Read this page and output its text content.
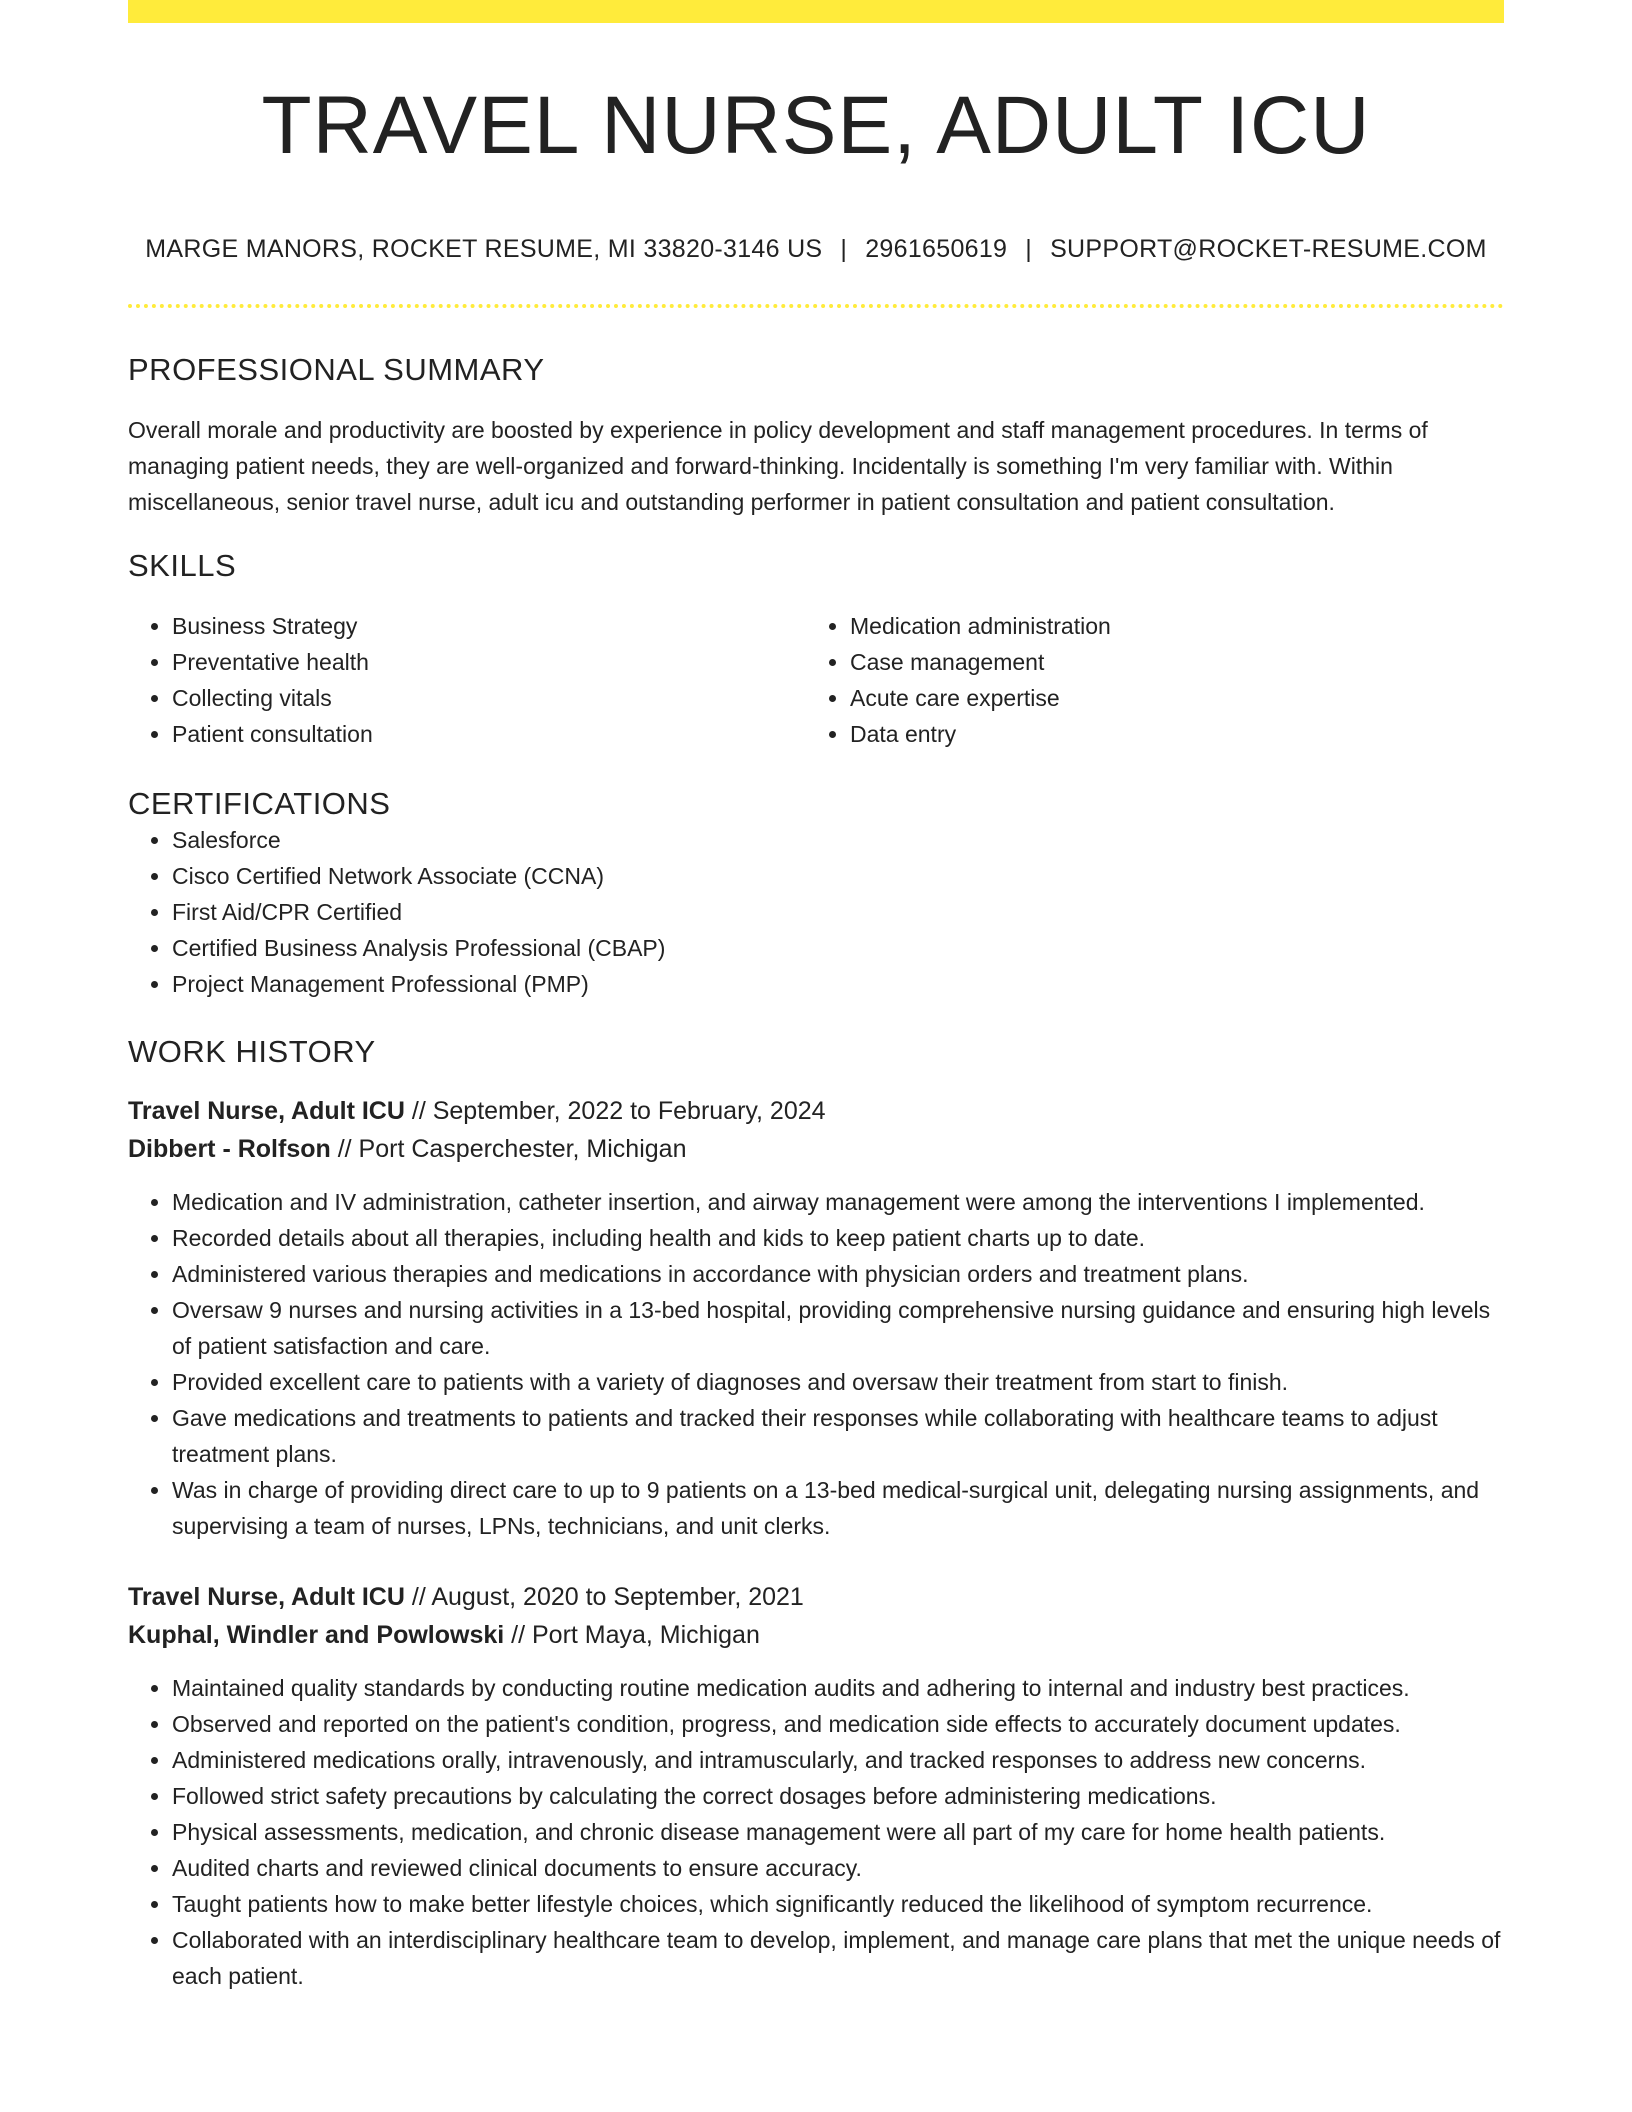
TRAVEL NURSE, ADULT ICU
MARGE MANORS, ROCKET RESUME, MI 33820-3146 US | 2961650619 | SUPPORT@ROCKET-RESUME.COM
PROFESSIONAL SUMMARY

Overall morale and productivity are boosted by experience in policy development and staff management procedures. In terms of managing patient needs, they are well-organized and forward-thinking. Incidentally is something I'm very familiar with. Within miscellaneous, senior travel nurse, adult icu and outstanding performer in patient consultation and patient consultation.

SKILLS
• Business Strategy
• Preventative health
• Collecting vitals
• Patient consultation
• Medication administration
• Case management
• Acute care expertise
• Data entry
CERTIFICATIONS
• Salesforce
• Cisco Certified Network Associate (CCNA)
• First Aid/CPR Certified
• Certified Business Analysis Professional (CBAP)
• Project Management Professional (PMP)
WORK HISTORY
Travel Nurse, Adult ICU // September, 2022 to February, 2024
Dibbert - Rolfson // Port Casperchester, Michigan
• Medication and IV administration, catheter insertion, and airway management were among the interventions I implemented.
• Recorded details about all therapies, including health and kids to keep patient charts up to date.
• Administered various therapies and medications in accordance with physician orders and treatment plans.
• Oversaw 9 nurses and nursing activities in a 13-bed hospital, providing comprehensive nursing guidance and ensuring high levels of patient satisfaction and care.
• Provided excellent care to patients with a variety of diagnoses and oversaw their treatment from start to finish.
• Gave medications and treatments to patients and tracked their responses while collaborating with healthcare teams to adjust treatment plans.
• Was in charge of providing direct care to up to 9 patients on a 13-bed medical-surgical unit, delegating nursing assignments, and supervising a team of nurses, LPNs, technicians, and unit clerks.
Travel Nurse, Adult ICU // August, 2020 to September, 2021
Kuphal, Windler and Powlowski // Port Maya, Michigan
• Maintained quality standards by conducting routine medication audits and adhering to internal and industry best practices.
• Observed and reported on the patient's condition, progress, and medication side effects to accurately document updates.
• Administered medications orally, intravenously, and intramuscularly, and tracked responses to address new concerns.
• Followed strict safety precautions by calculating the correct dosages before administering medications.
• Physical assessments, medication, and chronic disease management were all part of my care for home health patients.
• Audited charts and reviewed clinical documents to ensure accuracy.
• Taught patients how to make better lifestyle choices, which significantly reduced the likelihood of symptom recurrence.
• Collaborated with an interdisciplinary healthcare team to develop, implement, and manage care plans that met the unique needs of each patient.
